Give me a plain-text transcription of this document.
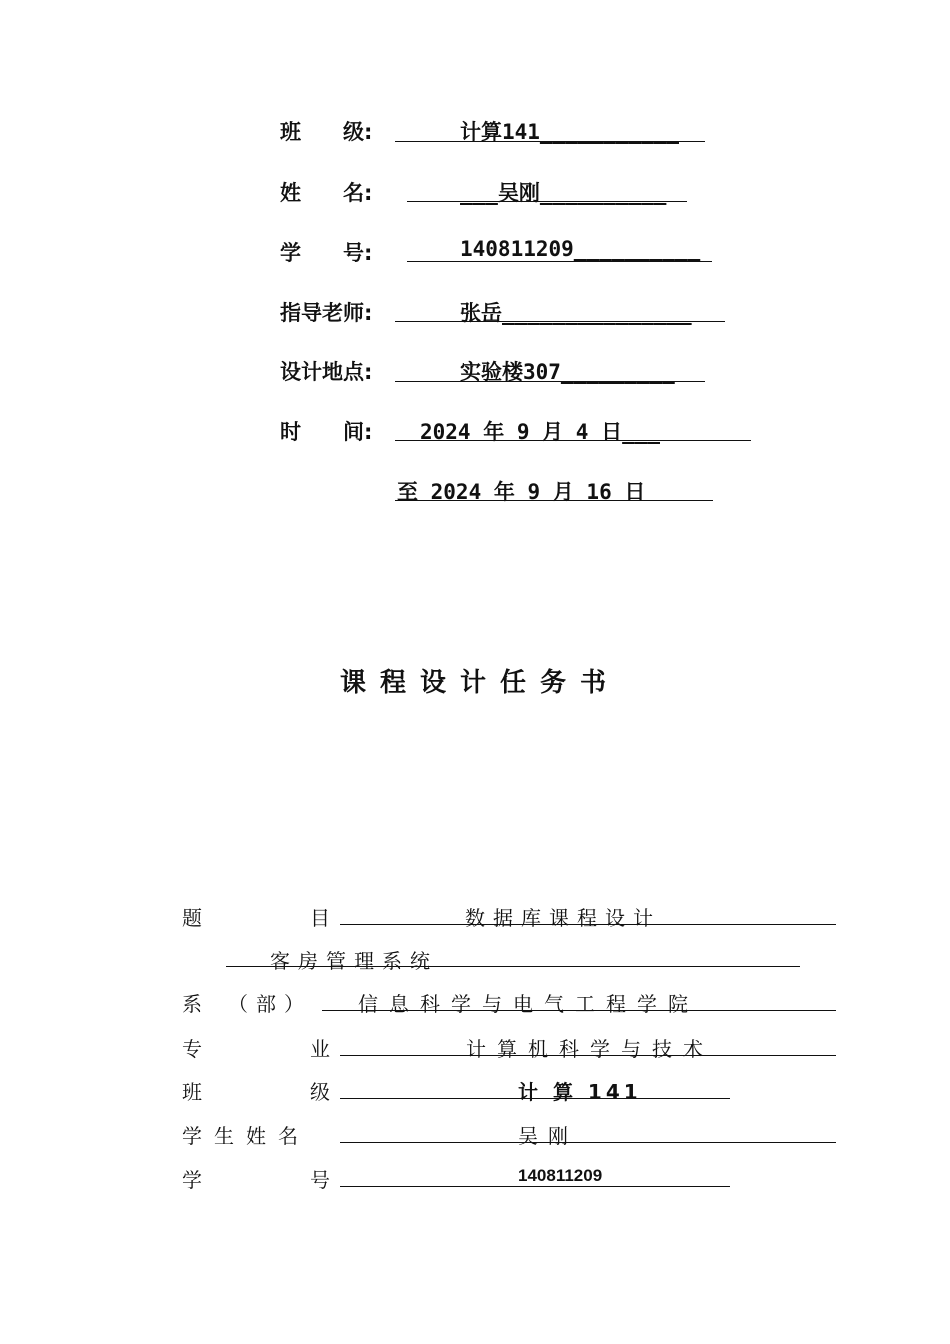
班　　级:	计算141___________
姓　　名:	___吴刚__________
学　　号:	140811209__________
指导老师:	张岳_______________
设计地点:	实验楼307_________
时　　间: 2024 年 9 月 4 日___
至 2024 年 9 月 16 日
课程设计任务书
题　　　目	数据库课程设计
客房管理系统
系　（部） 信息科学与电气工程学院
专　　　业	计算机科学与技术
班　　　级	计 算 141
学生姓名	吴刚
学　　　号	140811209
